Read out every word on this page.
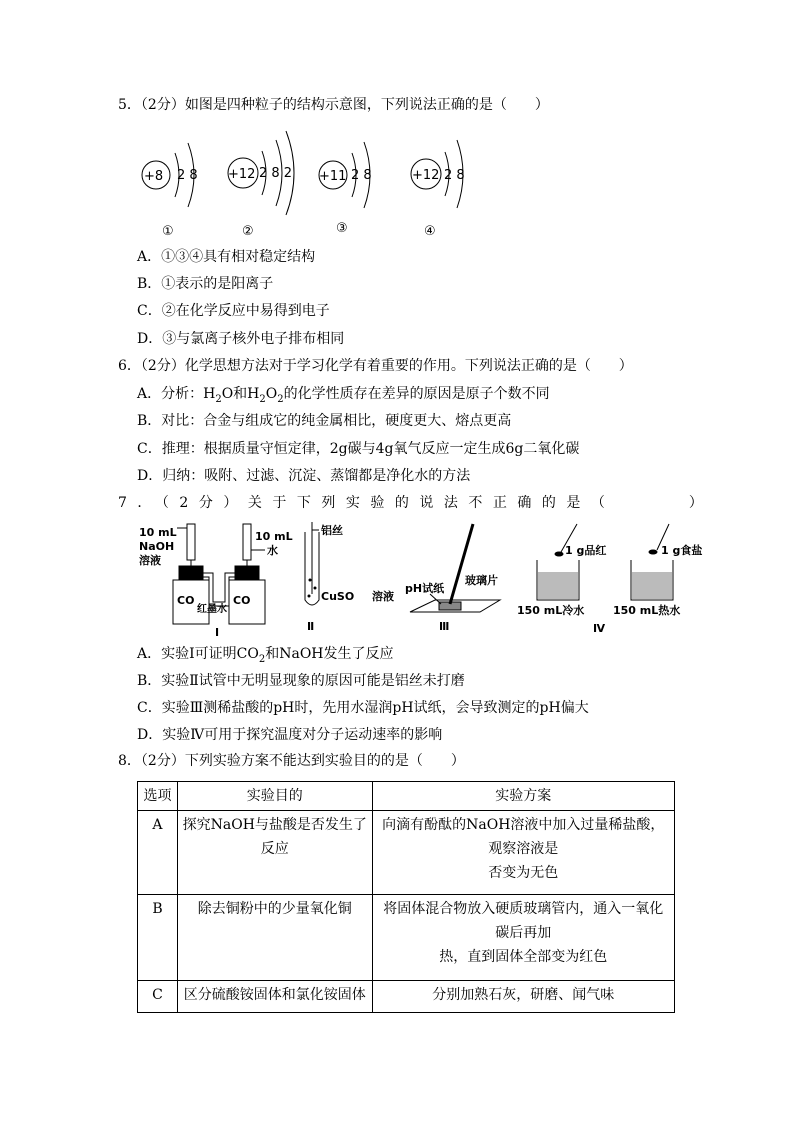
5．（2分）如图是四种粒子的结构示意图，下列说法正确的是（　　）
+8 2 8
①
+12 2 8 2
②
+11 2 8
③
+12 2 8
④
A．①③④具有相对稳定结构
B．①表示的是阳离子
C．②在化学反应中易得到电子
D．③与氯离子核外电子排布相同
6．（2分）化学思想方法对于学习化学有着重要的作用。下列说法正确的是（　　）
A．分析：$H_2O$和$H_2O_2$的化学性质存在差异的原因是原子个数不同
B．对比：合金与组成它的纯金属相比，硬度更大、熔点更高
C．推理：根据质量守恒定律，2g碳与4g氧气反应一定生成6g二氧化碳
D．归纳：吸附、过滤、沉淀、蒸馏都是净化水的方法
7．（2分）关于下列实验的说法不正确的是（　　　）
10 mL
NaOH
溶液
10 mL
水
CO	CO
红墨水
Ⅰ
铝丝
CuSO 溶液
Ⅱ
pH试纸
玻璃片
Ⅲ
1 g品红
150 mL冷水
1 g食盐
150 mL热水
Ⅳ
A．实验Ⅰ可证明$CO_2$和NaOH发生了反应
B．实验Ⅱ试管中无明显现象的原因可能是铝丝未打磨
C．实验Ⅲ测稀盐酸的pH时，先用水湿润pH试纸，会导致测定的pH偏大
D．实验Ⅳ可用于探究温度对分子运动速率的影响
8．（2分）下列实验方案不能达到实验目的的是（　　）
选项	实验目的	实验方案
A	探究NaOH与盐酸是否发生了反应	向滴有酚酞的NaOH溶液中加入过量稀盐酸，观察溶液是
否变为无色

B	除去铜粉中的少量氧化铜	将固体混合物放入硬质玻璃管内，通入一氧化碳后再加
热，直到固体全部变为红色

C	区分硫酸铵固体和氯化铵固体	分别加熟石灰，研磨、闻气味
